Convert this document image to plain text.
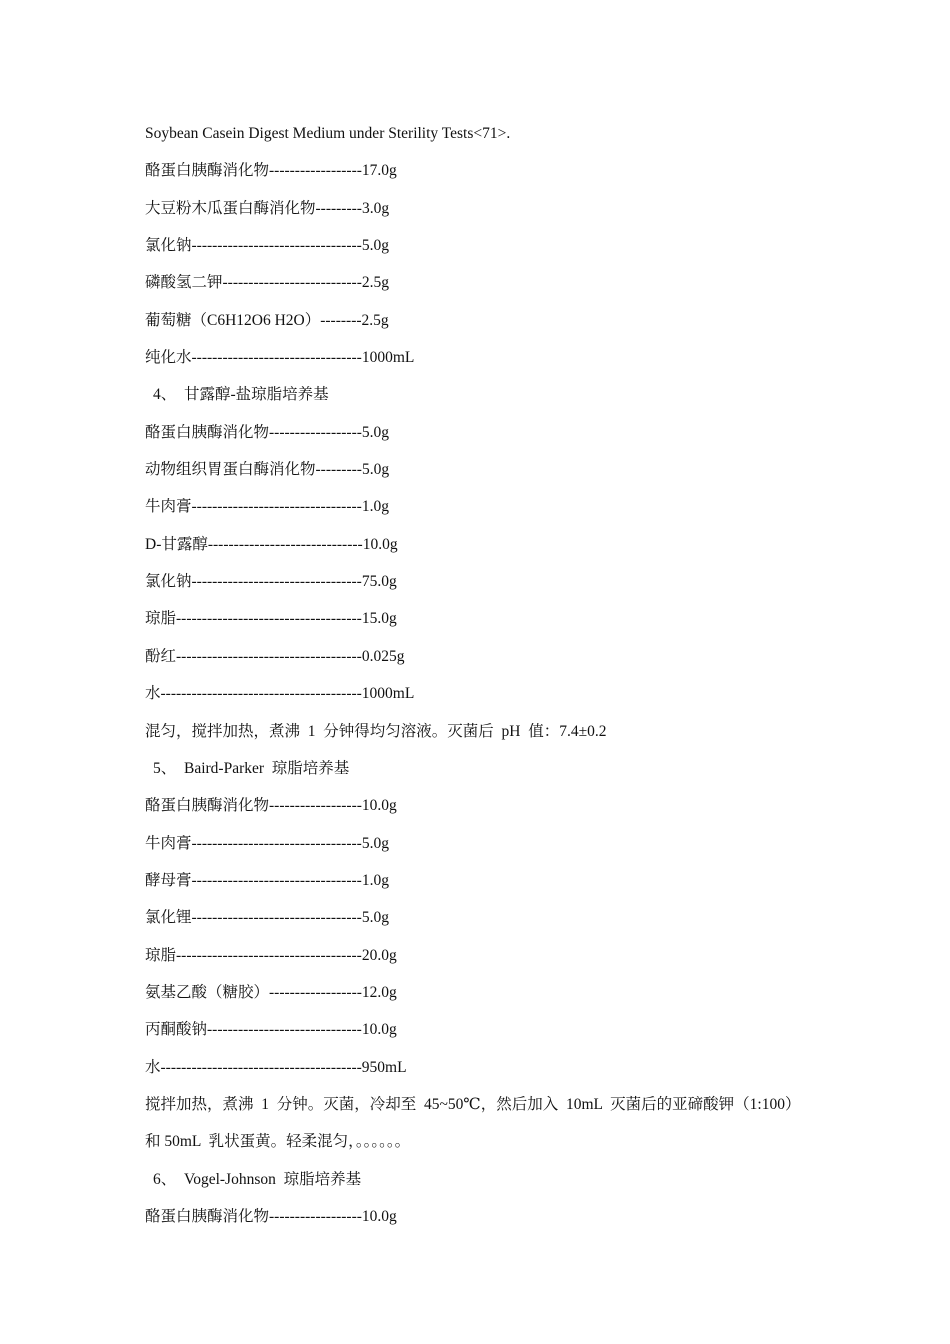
Soybean Casein Digest Medium under Sterility Tests<71>.
酪蛋白胰酶消化物------------------17.0g
大豆粉木瓜蛋白酶消化物---------3.0g
氯化钠---------------------------------5.0g
磷酸氢二钾---------------------------2.5g
葡萄糖（C6H12O6 H2O）--------2.5g
纯化水---------------------------------1000mL
4、  甘露醇-盐琼脂培养基
酪蛋白胰酶消化物------------------5.0g
动物组织胃蛋白酶消化物---------5.0g
牛肉膏---------------------------------1.0g
D-甘露醇------------------------------10.0g
氯化钠---------------------------------75.0g
琼脂------------------------------------15.0g
酚红------------------------------------0.025g
水---------------------------------------1000mL
混匀，搅拌加热，煮沸  1  分钟得均匀溶液。灭菌后  pH  值：7.4±0.2
5、  Baird-Parker  琼脂培养基
酪蛋白胰酶消化物------------------10.0g
牛肉膏---------------------------------5.0g
酵母膏---------------------------------1.0g
氯化锂---------------------------------5.0g
琼脂------------------------------------20.0g
氨基乙酸（糖胶）------------------12.0g
丙酮酸钠------------------------------10.0g
水---------------------------------------950mL
搅拌加热，煮沸  1  分钟。灭菌，冷却至  45~50℃，然后加入  10mL  灭菌后的亚碲酸钾（1:100）
和 50mL  乳状蛋黄。轻柔混匀，。。。。。。
6、  Vogel-Johnson  琼脂培养基
酪蛋白胰酶消化物------------------10.0g
